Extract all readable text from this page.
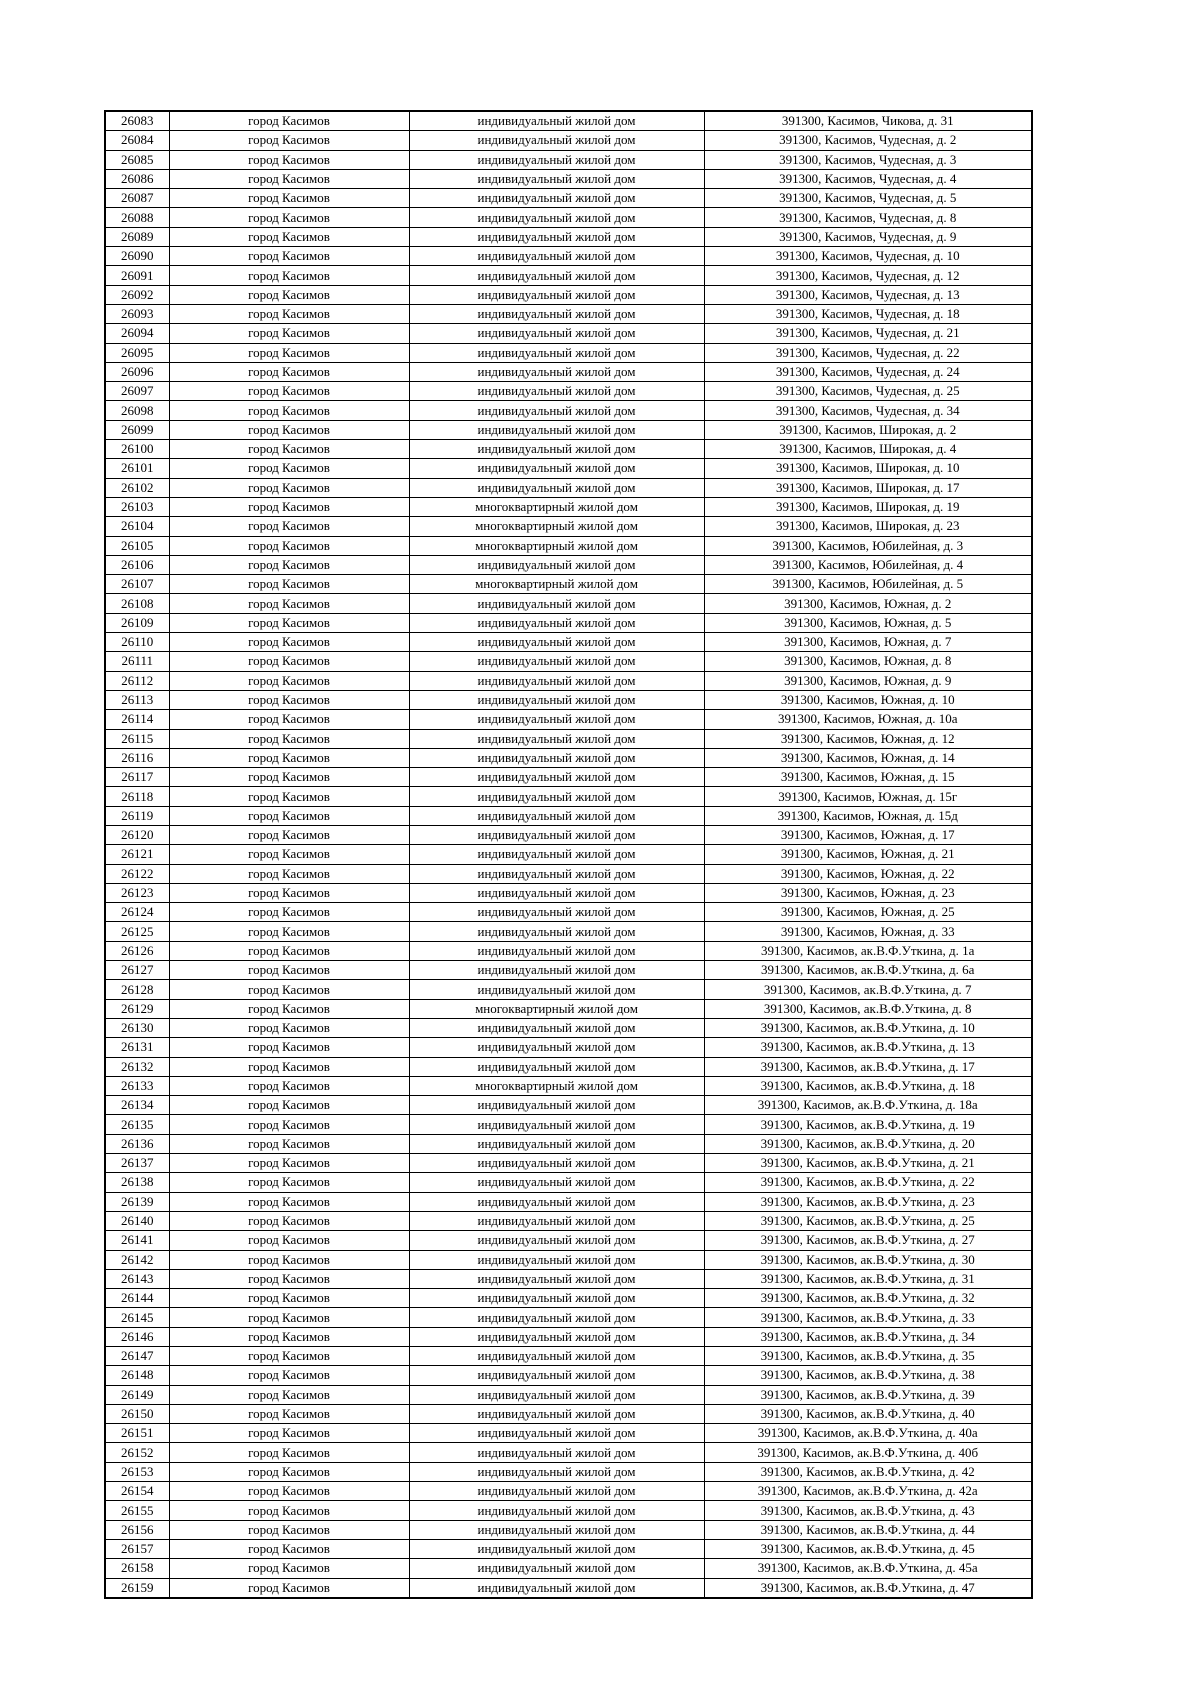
26083	город Касимов	индивидуальный жилой дом	391300, Касимов, Чикова, д. 31
26084	город Касимов	индивидуальный жилой дом	391300, Касимов, Чудесная, д. 2
26085	город Касимов	индивидуальный жилой дом	391300, Касимов, Чудесная, д. 3
26086	город Касимов	индивидуальный жилой дом	391300, Касимов, Чудесная, д. 4
26087	город Касимов	индивидуальный жилой дом	391300, Касимов, Чудесная, д. 5
26088	город Касимов	индивидуальный жилой дом	391300, Касимов, Чудесная, д. 8
26089	город Касимов	индивидуальный жилой дом	391300, Касимов, Чудесная, д. 9
26090	город Касимов	индивидуальный жилой дом	391300, Касимов, Чудесная, д. 10
26091	город Касимов	индивидуальный жилой дом	391300, Касимов, Чудесная, д. 12
26092	город Касимов	индивидуальный жилой дом	391300, Касимов, Чудесная, д. 13
26093	город Касимов	индивидуальный жилой дом	391300, Касимов, Чудесная, д. 18
26094	город Касимов	индивидуальный жилой дом	391300, Касимов, Чудесная, д. 21
26095	город Касимов	индивидуальный жилой дом	391300, Касимов, Чудесная, д. 22
26096	город Касимов	индивидуальный жилой дом	391300, Касимов, Чудесная, д. 24
26097	город Касимов	индивидуальный жилой дом	391300, Касимов, Чудесная, д. 25
26098	город Касимов	индивидуальный жилой дом	391300, Касимов, Чудесная, д. 34
26099	город Касимов	индивидуальный жилой дом	391300, Касимов, Широкая, д. 2
26100	город Касимов	индивидуальный жилой дом	391300, Касимов, Широкая, д. 4
26101	город Касимов	индивидуальный жилой дом	391300, Касимов, Широкая, д. 10
26102	город Касимов	индивидуальный жилой дом	391300, Касимов, Широкая, д. 17
26103	город Касимов	многоквартирный жилой дом	391300, Касимов, Широкая, д. 19
26104	город Касимов	многоквартирный жилой дом	391300, Касимов, Широкая, д. 23
26105	город Касимов	многоквартирный жилой дом	391300, Касимов, Юбилейная, д. 3
26106	город Касимов	индивидуальный жилой дом	391300, Касимов, Юбилейная, д. 4
26107	город Касимов	многоквартирный жилой дом	391300, Касимов, Юбилейная, д. 5
26108	город Касимов	индивидуальный жилой дом	391300, Касимов, Южная, д. 2
26109	город Касимов	индивидуальный жилой дом	391300, Касимов, Южная, д. 5
26110	город Касимов	индивидуальный жилой дом	391300, Касимов, Южная, д. 7
26111	город Касимов	индивидуальный жилой дом	391300, Касимов, Южная, д. 8
26112	город Касимов	индивидуальный жилой дом	391300, Касимов, Южная, д. 9
26113	город Касимов	индивидуальный жилой дом	391300, Касимов, Южная, д. 10
26114	город Касимов	индивидуальный жилой дом	391300, Касимов, Южная, д. 10а
26115	город Касимов	индивидуальный жилой дом	391300, Касимов, Южная, д. 12
26116	город Касимов	индивидуальный жилой дом	391300, Касимов, Южная, д. 14
26117	город Касимов	индивидуальный жилой дом	391300, Касимов, Южная, д. 15
26118	город Касимов	индивидуальный жилой дом	391300, Касимов, Южная, д. 15г
26119	город Касимов	индивидуальный жилой дом	391300, Касимов, Южная, д. 15д
26120	город Касимов	индивидуальный жилой дом	391300, Касимов, Южная, д. 17
26121	город Касимов	индивидуальный жилой дом	391300, Касимов, Южная, д. 21
26122	город Касимов	индивидуальный жилой дом	391300, Касимов, Южная, д. 22
26123	город Касимов	индивидуальный жилой дом	391300, Касимов, Южная, д. 23
26124	город Касимов	индивидуальный жилой дом	391300, Касимов, Южная, д. 25
26125	город Касимов	индивидуальный жилой дом	391300, Касимов, Южная, д. 33
26126	город Касимов	индивидуальный жилой дом	391300, Касимов, ак.В.Ф.Уткина, д. 1а
26127	город Касимов	индивидуальный жилой дом	391300, Касимов, ак.В.Ф.Уткина, д. 6а
26128	город Касимов	индивидуальный жилой дом	391300, Касимов, ак.В.Ф.Уткина, д. 7
26129	город Касимов	многоквартирный жилой дом	391300, Касимов, ак.В.Ф.Уткина, д. 8
26130	город Касимов	индивидуальный жилой дом	391300, Касимов, ак.В.Ф.Уткина, д. 10
26131	город Касимов	индивидуальный жилой дом	391300, Касимов, ак.В.Ф.Уткина, д. 13
26132	город Касимов	индивидуальный жилой дом	391300, Касимов, ак.В.Ф.Уткина, д. 17
26133	город Касимов	многоквартирный жилой дом	391300, Касимов, ак.В.Ф.Уткина, д. 18
26134	город Касимов	индивидуальный жилой дом	391300, Касимов, ак.В.Ф.Уткина, д. 18а
26135	город Касимов	индивидуальный жилой дом	391300, Касимов, ак.В.Ф.Уткина, д. 19
26136	город Касимов	индивидуальный жилой дом	391300, Касимов, ак.В.Ф.Уткина, д. 20
26137	город Касимов	индивидуальный жилой дом	391300, Касимов, ак.В.Ф.Уткина, д. 21
26138	город Касимов	индивидуальный жилой дом	391300, Касимов, ак.В.Ф.Уткина, д. 22
26139	город Касимов	индивидуальный жилой дом	391300, Касимов, ак.В.Ф.Уткина, д. 23
26140	город Касимов	индивидуальный жилой дом	391300, Касимов, ак.В.Ф.Уткина, д. 25
26141	город Касимов	индивидуальный жилой дом	391300, Касимов, ак.В.Ф.Уткина, д. 27
26142	город Касимов	индивидуальный жилой дом	391300, Касимов, ак.В.Ф.Уткина, д. 30
26143	город Касимов	индивидуальный жилой дом	391300, Касимов, ак.В.Ф.Уткина, д. 31
26144	город Касимов	индивидуальный жилой дом	391300, Касимов, ак.В.Ф.Уткина, д. 32
26145	город Касимов	индивидуальный жилой дом	391300, Касимов, ак.В.Ф.Уткина, д. 33
26146	город Касимов	индивидуальный жилой дом	391300, Касимов, ак.В.Ф.Уткина, д. 34
26147	город Касимов	индивидуальный жилой дом	391300, Касимов, ак.В.Ф.Уткина, д. 35
26148	город Касимов	индивидуальный жилой дом	391300, Касимов, ак.В.Ф.Уткина, д. 38
26149	город Касимов	индивидуальный жилой дом	391300, Касимов, ак.В.Ф.Уткина, д. 39
26150	город Касимов	индивидуальный жилой дом	391300, Касимов, ак.В.Ф.Уткина, д. 40
26151	город Касимов	индивидуальный жилой дом	391300, Касимов, ак.В.Ф.Уткина, д. 40а
26152	город Касимов	индивидуальный жилой дом	391300, Касимов, ак.В.Ф.Уткина, д. 40б
26153	город Касимов	индивидуальный жилой дом	391300, Касимов, ак.В.Ф.Уткина, д. 42
26154	город Касимов	индивидуальный жилой дом	391300, Касимов, ак.В.Ф.Уткина, д. 42а
26155	город Касимов	индивидуальный жилой дом	391300, Касимов, ак.В.Ф.Уткина, д. 43
26156	город Касимов	индивидуальный жилой дом	391300, Касимов, ак.В.Ф.Уткина, д. 44
26157	город Касимов	индивидуальный жилой дом	391300, Касимов, ак.В.Ф.Уткина, д. 45
26158	город Касимов	индивидуальный жилой дом	391300, Касимов, ак.В.Ф.Уткина, д. 45а
26159	город Касимов	индивидуальный жилой дом	391300, Касимов, ак.В.Ф.Уткина, д. 47
